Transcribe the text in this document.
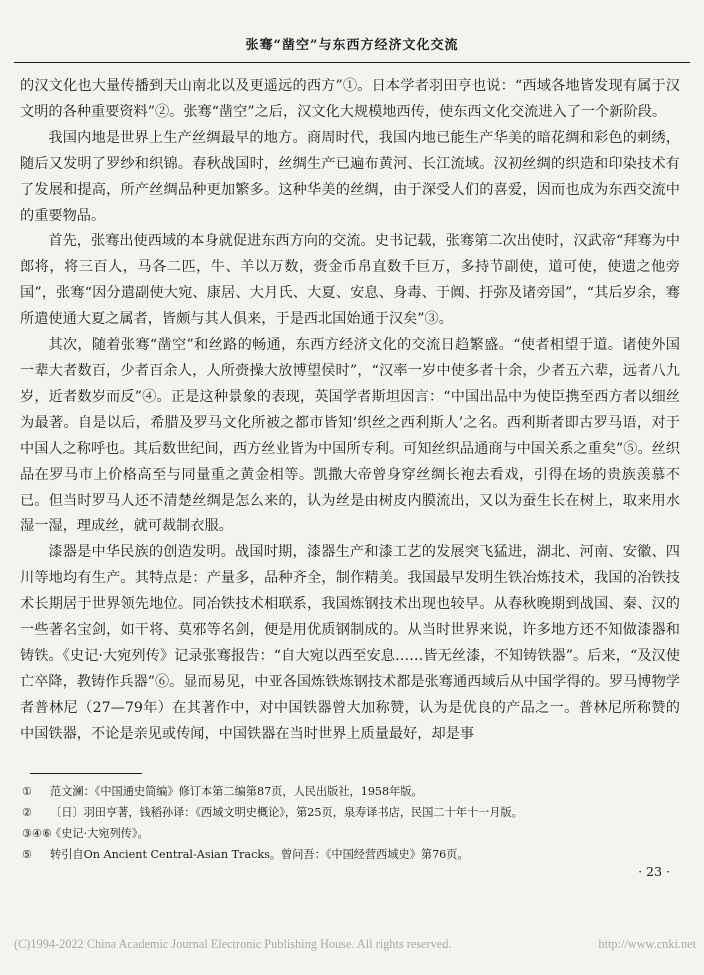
张骞“凿空”与东西方经济文化交流

的汉文化也大量传播到天山南北以及更遥远的西方”①。日本学者羽田亨也说：“西域各地皆发现有属于汉文明的各种重要资料”②。张骞“凿空”之后，汉文化大规模地西传，使东西文化交流进入了一个新阶段。

我国内地是世界上生产丝绸最早的地方。商周时代，我国内地已能生产华美的暗花绸和彩色的刺绣，随后又发明了罗纱和织锦。春秋战国时，丝绸生产已遍布黄河、长江流域。汉初丝绸的织造和印染技术有了发展和提高，所产丝绸品种更加繁多。这种华美的丝绸，由于深受人们的喜爱，因而也成为东西交流中的重要物品。

首先，张骞出使西域的本身就促进东西方向的交流。史书记载，张骞第二次出使时，汉武帝“拜骞为中郎将，将三百人，马各二匹，牛、羊以万数，赍金币帛直数千巨万，多持节副使，道可使，使遗之他旁国”，张骞“因分遣副使大宛、康居、大月氏、大夏、安息、身毒、于阗、扜弥及诸旁国”，“其后岁余，骞所遣使通大夏之属者，皆颇与其人俱来，于是西北国始通于汉矣”③。

其次，随着张骞“凿空”和丝路的畅通，东西方经济文化的交流日趋繁盛。“使者相望于道。诸使外国一辈大者数百，少者百余人，人所赍操大放博望侯时”，“汉率一岁中使多者十余，少者五六辈，远者八九岁，近者数岁而反”④。正是这种景象的表现，英国学者斯坦因言：“中国出品中为使臣携至西方者以细丝为最著。自是以后，希腊及罗马文化所被之都市皆知‘织丝之西利斯人’之名。西利斯者即古罗马语，对于中国人之称呼也。其后数世纪间，西方丝业皆为中国所专利。可知丝织品通商与中国关系之重矣”⑤。丝织品在罗马市上价格高至与同量重之黄金相等。凯撒大帝曾身穿丝绸长袍去看戏，引得在场的贵族羡慕不已。但当时罗马人还不清楚丝绸是怎么来的，认为丝是由树皮内膜流出，又以为蚕生长在树上，取来用水湿一湿，理成丝，就可裁制衣服。

漆器是中华民族的创造发明。战国时期，漆器生产和漆工艺的发展突飞猛进，湖北、河南、安徽、四川等地均有生产。其特点是：产量多，品种齐全，制作精美。我国最早发明生铁冶炼技术，我国的冶铁技术长期居于世界领先地位。同冶铁技术相联系，我国炼钢技术出现也较早。从春秋晚期到战国、秦、汉的一些著名宝剑，如干将、莫邪等名剑，便是用优质钢制成的。从当时世界来说，许多地方还不知做漆器和铸铁。《史记·大宛列传》记录张骞报告：“自大宛以西至安息……皆无丝漆，不知铸铁器”。后来，“及汉使亡卒降，教铸作兵器”⑥。显而易见，中亚各国炼铁炼钢技术都是张骞通西域后从中国学得的。罗马博物学者普林尼（27—79年）在其著作中，对中国铁器曾大加称赞，认为是优良的产品之一。普林尼所称赞的中国铁器，不论是亲见或传闻，中国铁器在当时世界上质量最好，却是事

①	范文澜：《中国通史简编》修订本第二编第87页，人民出版社，1958年版。
②	〔日〕羽田亨著，钱稻孙译：《西域文明史概论》，第25页，泉寿译书店，民国二十年十一月版。
③④⑥
《史记·大宛列传》。
⑤	转引自On Ancient Central-Asian Tracks。曾问吾：《中国经营西域史》第76页。
· 23 ·
(C)1994-2022 China Academic Journal Electronic Publishing House. All rights reserved.	http://www.cnki.net
